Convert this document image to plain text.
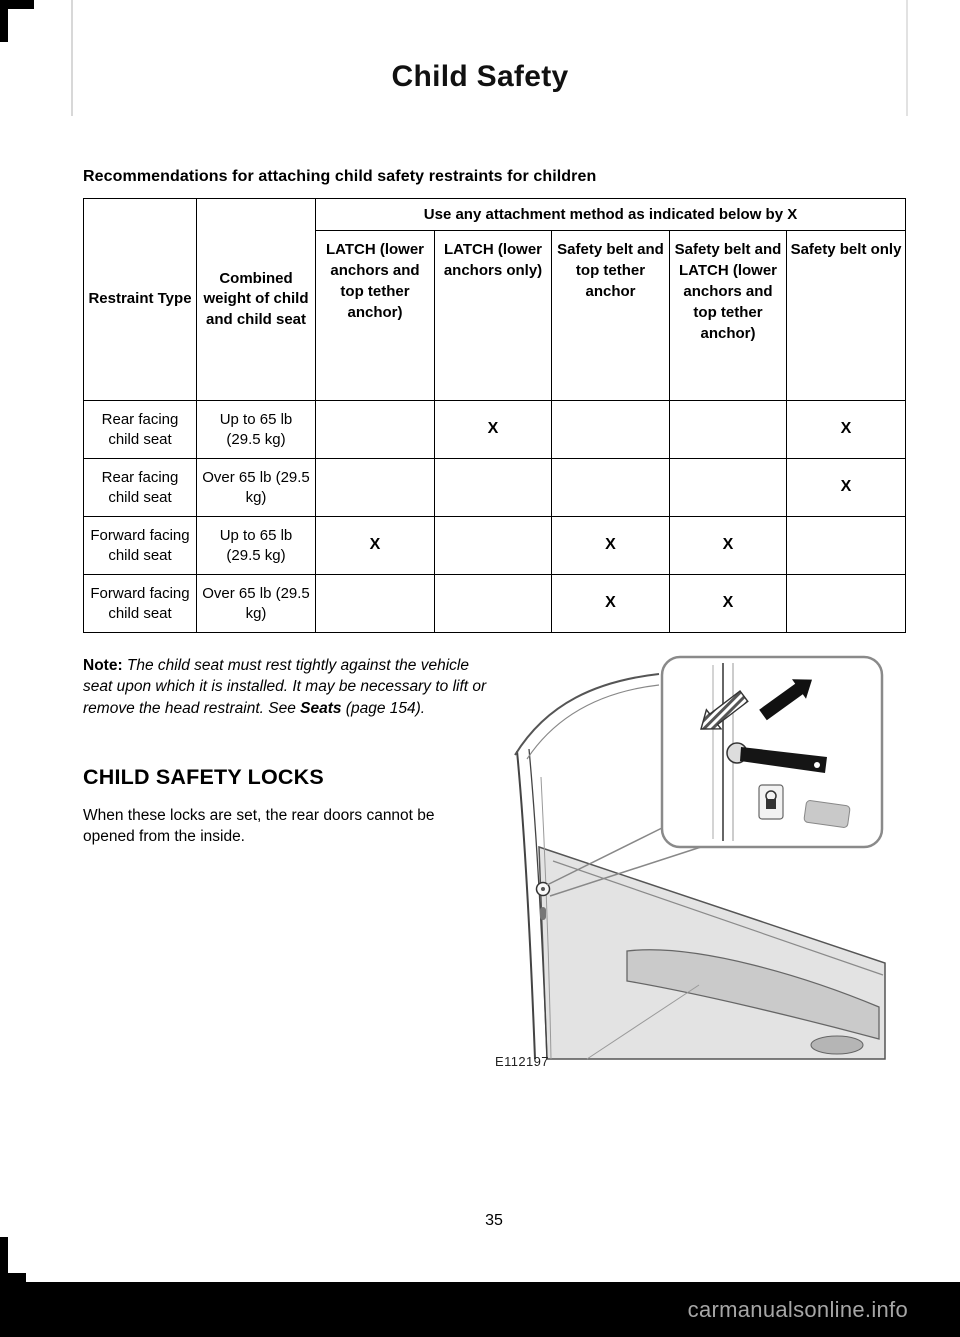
Child Safety
Recommendations for attaching child safety restraints for children
Restraint Type	Combined weight of child and child seat	Use any attachment method as indicated below by X				
		LATCH (lower anchors and top tether anchor)	LATCH (lower anchors only)	Safety belt and top tether anchor	Safety belt and LATCH (lower anchors and top tether anchor)	Safety belt only
Rear facing child seat	Up to 65 lb (29.5 kg)		X			X
Rear facing child seat	Over 65 lb (29.5 kg)					X
Forward facing child seat	Up to 65 lb (29.5 kg)	X		X	X	
Forward facing child seat	Over 65 lb (29.5 kg)			X	X	

Note: The child seat must rest tightly against the vehicle seat upon which it is installed. It may be necessary to lift or remove the head restraint. See Seats (page 154).

CHILD SAFETY LOCKS

When these locks are set, the rear doors cannot be opened from the inside.

E112197
35
carmanualsonline.info
